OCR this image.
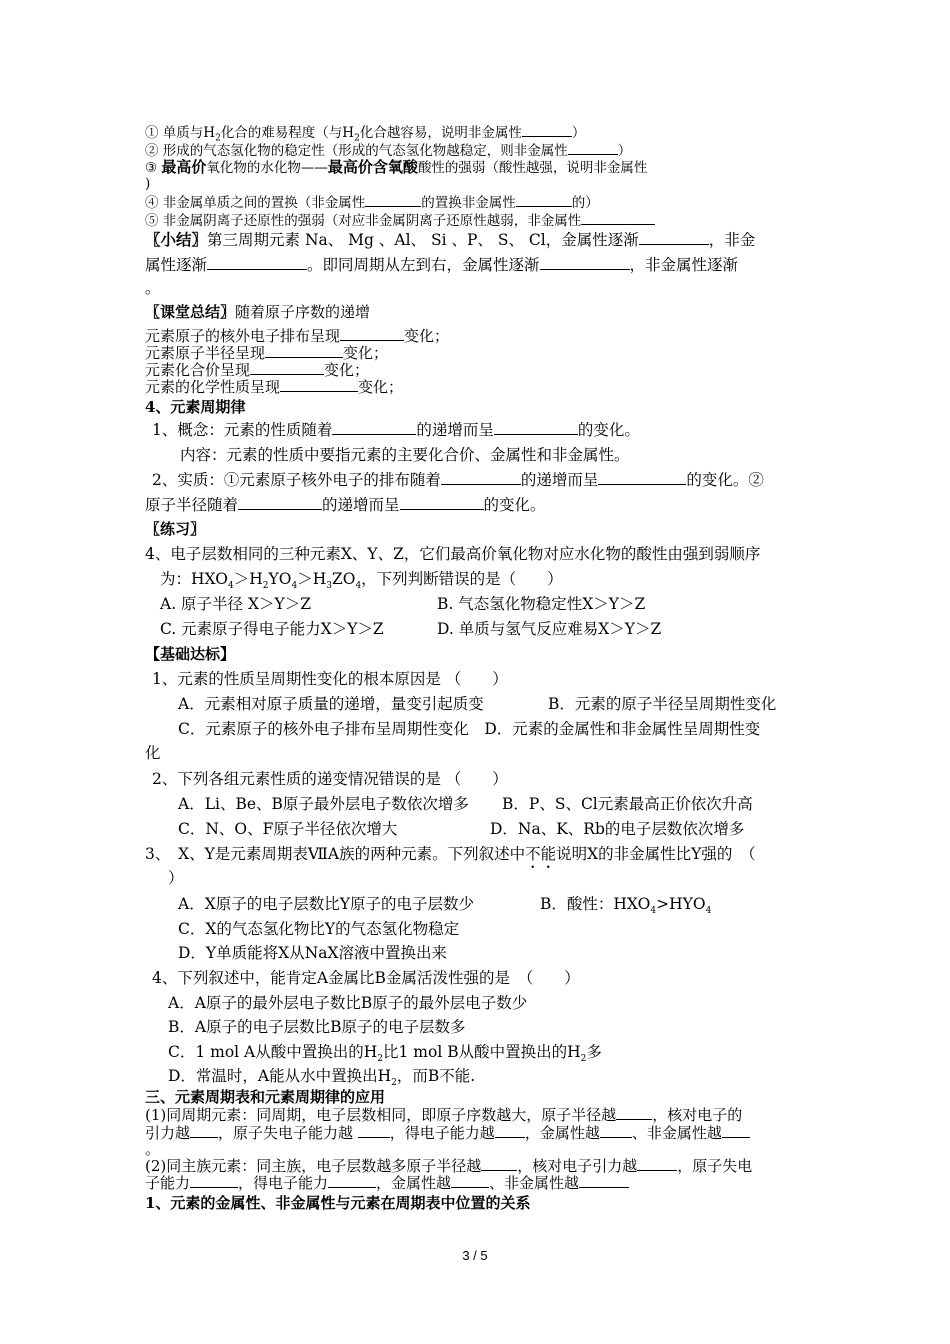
① 单质与$H_2$化合的难易程度（与$H_2$化合越容易，说明非金属性	）
② 形成的气态氢化物的稳定性（形成的气态氢化物越稳定，则非金属性	）
③ 最高价氧化物的水化物——最高价含氧酸酸性的强弱（酸性越强，说明非金属性
)
④ 非金属单质之间的置换（非金属性	的置换非金属性	的）
⑤ 非金属阴离子还原性的强弱（对应非金属阴离子还原性越弱，非金属性
〖小结〗第三周期元素 Na、 Mg 、Al、 Si 、P、 S、 Cl，金属性逐渐	，非金
属性逐渐	。即同周期从左到右，金属性逐渐	，非金属性逐渐
。
〖课堂总结〗随着原子序数的递增
元素原子的核外电子排布呈现	变化；
元素原子半径呈现	变化；
元素化合价呈现	变化；
元素的化学性质呈现	变化；
4、元素周期律
1、概念：元素的性质随着	的递增而呈	的变化。
内容：元素的性质中要指元素的主要化合价、金属性和非金属性。
2、实质：①元素原子核外电子的排布随着	的递增而呈	的变化。②
原子半径随着	的递增而呈	的变化。
〖练习〗
4、电子层数相同的三种元素X、Y、Z，它们最高价氧化物对应水化物的酸性由强到弱顺序
为：$HXO_4>H_2YO_4>H_3ZO_4$，下列判断错误的是（　　）
A. 原子半径 X＞Y＞Z	B. 气态氢化物稳定性X＞Y＞Z
C. 元素原子得电子能力X＞Y＞Z	D. 单质与氢气反应难易X＞Y＞Z
【基础达标】
1、元素的性质呈周期性变化的根本原因是 （　　）
A．元素相对原子质量的递增，量变引起质变	B．元素的原子半径呈周期性变化
C．元素原子的核外电子排布呈周期性变化　D．元素的金属性和非金属性呈周期性变
化
2、下列各组元素性质的递变情况错误的是 （　　）
A．Li、Be、B原子最外层电子数依次增多 B．P、S、Cl元素最高正价依次升高
C．N、O、F原子半径依次增大	D．Na、K、Rb的电子层数依次增多
3、　X、Y是元素周期表ⅦA族的两种元素。下列叙述中不能说明X的非金属性比Y强的　（
）
A．X原子的电子层数比Y原子的电子层数少	B．酸性：$HXO_4>HYO_4$
C．X的气态氢化物比Y的气态氢化物稳定
D．Y单质能将X从NaX溶液中置换出来
4、下列叙述中，能肯定A金属比B金属活泼性强的是　（　　）
A．A原子的最外层电子数比B原子的最外层电子数少
B．A原子的电子层数比B原子的电子层数多
C．1 mol A从酸中置换出的$H_2$比1 mol B从酸中置换出的$H_2$多
D．常温时，A能从水中置换出$H_2$，而B不能.
三、元素周期表和元素周期律的应用
(1)同周期元素：同周期，电子层数相同，即原子序数越大，原子半径越 ，核对电子的
引力越 ，原子失电子能力越 ，得电子能力越 ，金属性越 、非金属性越
。
(2)同主族元素：同主族，电子层数越多原子半径越 ，核对电子引力越	，原子失电
子能力	，得电子能力	，金属性越	、非金属性越
1、元素的金属性、非金属性与元素在周期表中位置的关系
3 / 5
